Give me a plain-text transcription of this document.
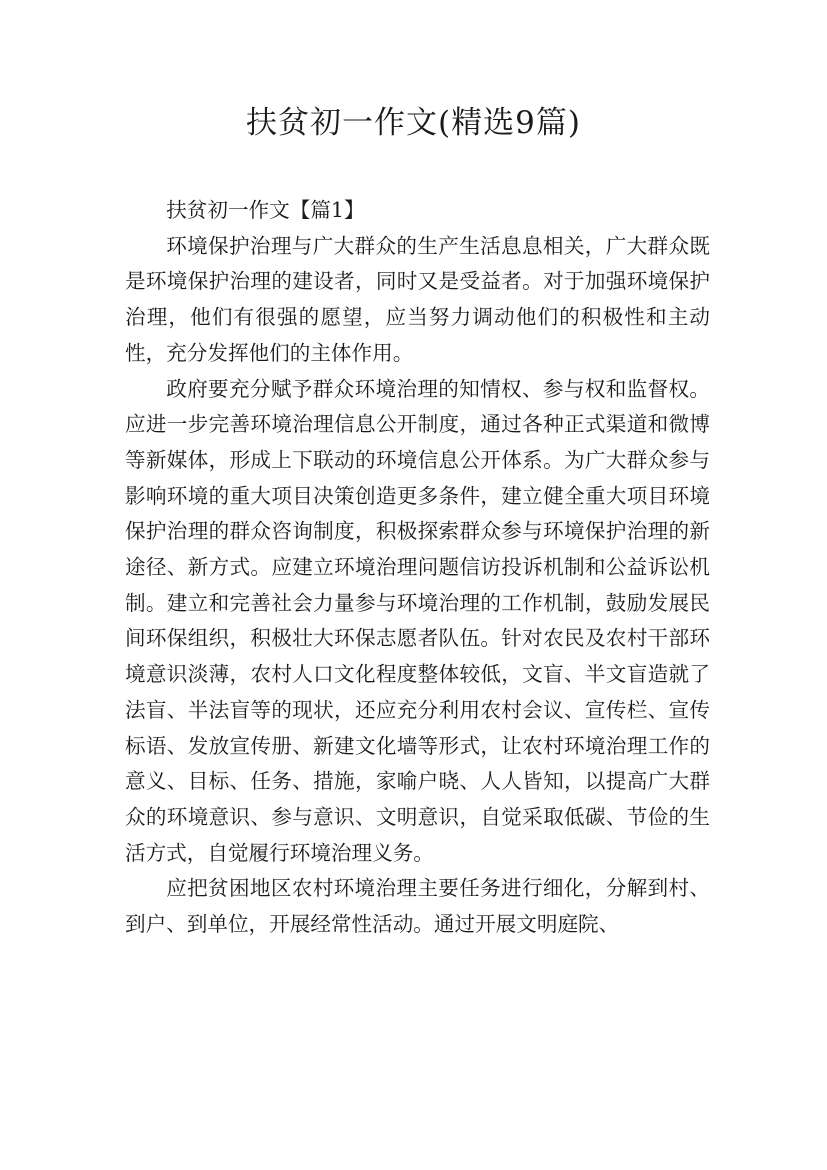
扶贫初一作文(精选9篇)

扶贫初一作文【篇1】

环境保护治理与广大群众的生产生活息息相关，广大群众既是环境保护治理的建设者，同时又是受益者。对于加强环境保护治理，他们有很强的愿望，应当努力调动他们的积极性和主动性，充分发挥他们的主体作用。

政府要充分赋予群众环境治理的知情权、参与权和监督权。应进一步完善环境治理信息公开制度，通过各种正式渠道和微博等新媒体，形成上下联动的环境信息公开体系。为广大群众参与影响环境的重大项目决策创造更多条件，建立健全重大项目环境保护治理的群众咨询制度，积极探索群众参与环境保护治理的新途径、新方式。应建立环境治理问题信访投诉机制和公益诉讼机制。建立和完善社会力量参与环境治理的工作机制，鼓励发展民间环保组织，积极壮大环保志愿者队伍。针对农民及农村干部环境意识淡薄，农村人口文化程度整体较低，文盲、半文盲造就了法盲、半法盲等的现状，还应充分利用农村会议、宣传栏、宣传标语、发放宣传册、新建文化墙等形式，让农村环境治理工作的意义、目标、任务、措施，家喻户晓、人人皆知，以提高广大群众的环境意识、参与意识、文明意识，自觉采取低碳、节俭的生活方式，自觉履行环境治理义务。

应把贫困地区农村环境治理主要任务进行细化，分解到村、到户、到单位，开展经常性活动。通过开展文明庭院、
